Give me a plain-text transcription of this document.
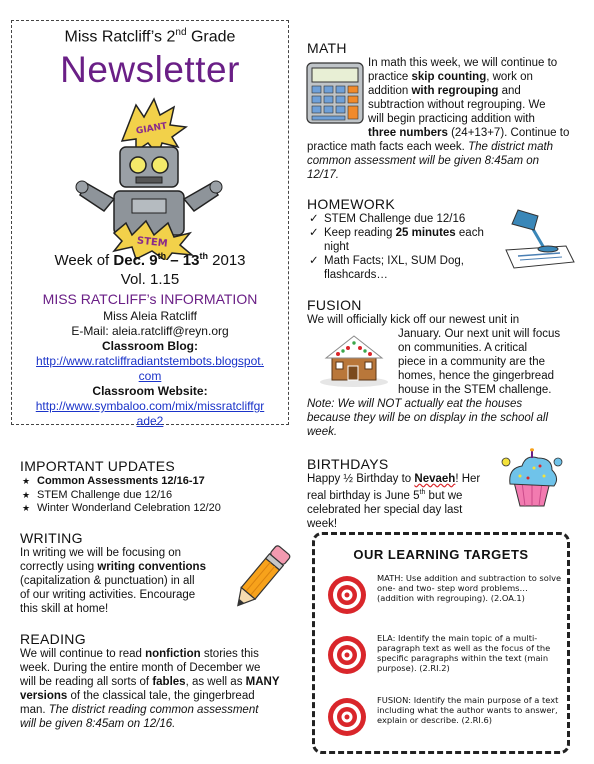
Miss Ratcliff’s 2nd Grade
Newsletter
GIANT
STEM
Week of Dec. 9th – 13th 2013
Vol. 1.15
MISS RATCLIFF’s INFORMATION
Miss Aleia Ratcliff
E-Mail: aleia.ratcliff@reyn.org
Classroom Blog:
http://www.ratcliffradiantstembots.blogspot.
com
Classroom Website:
http://www.symbaloo.com/mix/missratcliffgr
ade2
IMPORTANT UPDATES
★ Common Assessments 12/16-17
★ STEM Challenge due 12/16
★ Winter Wonderland Celebration 12/20
WRITING
In writing we will be focusing on
correctly using writing conventions
(capitalization & punctuation) in all
of our writing activities. Encourage
this skill at home!
READING
We will continue to read nonfiction stories this
week. During the entire month of December we
will be reading all sorts of fables, as well as MANY
versions of the classical tale, the gingerbread
man. The district reading common assessment
will be given 8:45am on 12/16.
MATH
In math this week, we will continue to
practice skip counting, work on
addition with regrouping and
subtraction without regrouping. We
will begin practicing addition with
three numbers (24+13+7). Continue to
practice math facts each week. The district math
common assessment will be given 8:45am on
12/17.
HOMEWORK
✓ STEM Challenge due 12/16
✓ Keep reading 25 minutes each
night
✓ Math Facts; IXL, SUM Dog,
flashcards…
FUSION
We will officially kick off our newest unit in
January. Our next unit will focus
on communities. A critical
piece in a community are the
homes, hence the gingerbread
house in the STEM challenge.
Note: We will NOT actually eat the houses
because they will be on display in the school all
week.
BIRTHDAYS
Happy ½ Birthday to Nevaeh! Her
real birthday is June 5th but we
celebrated her special day last
week!
OUR LEARNING TARGETS
MATH: Use addition and subtraction to solve one- and two- step word problems… (addition with regrouping). (2.OA.1)
ELA: Identify the main topic of a multi-paragraph text as well as the focus of the specific paragraphs within the text (main purpose). (2.RI.2)
FUSION: Identify the main purpose of a text including what the author wants to answer, explain or describe. (2.RI.6)
